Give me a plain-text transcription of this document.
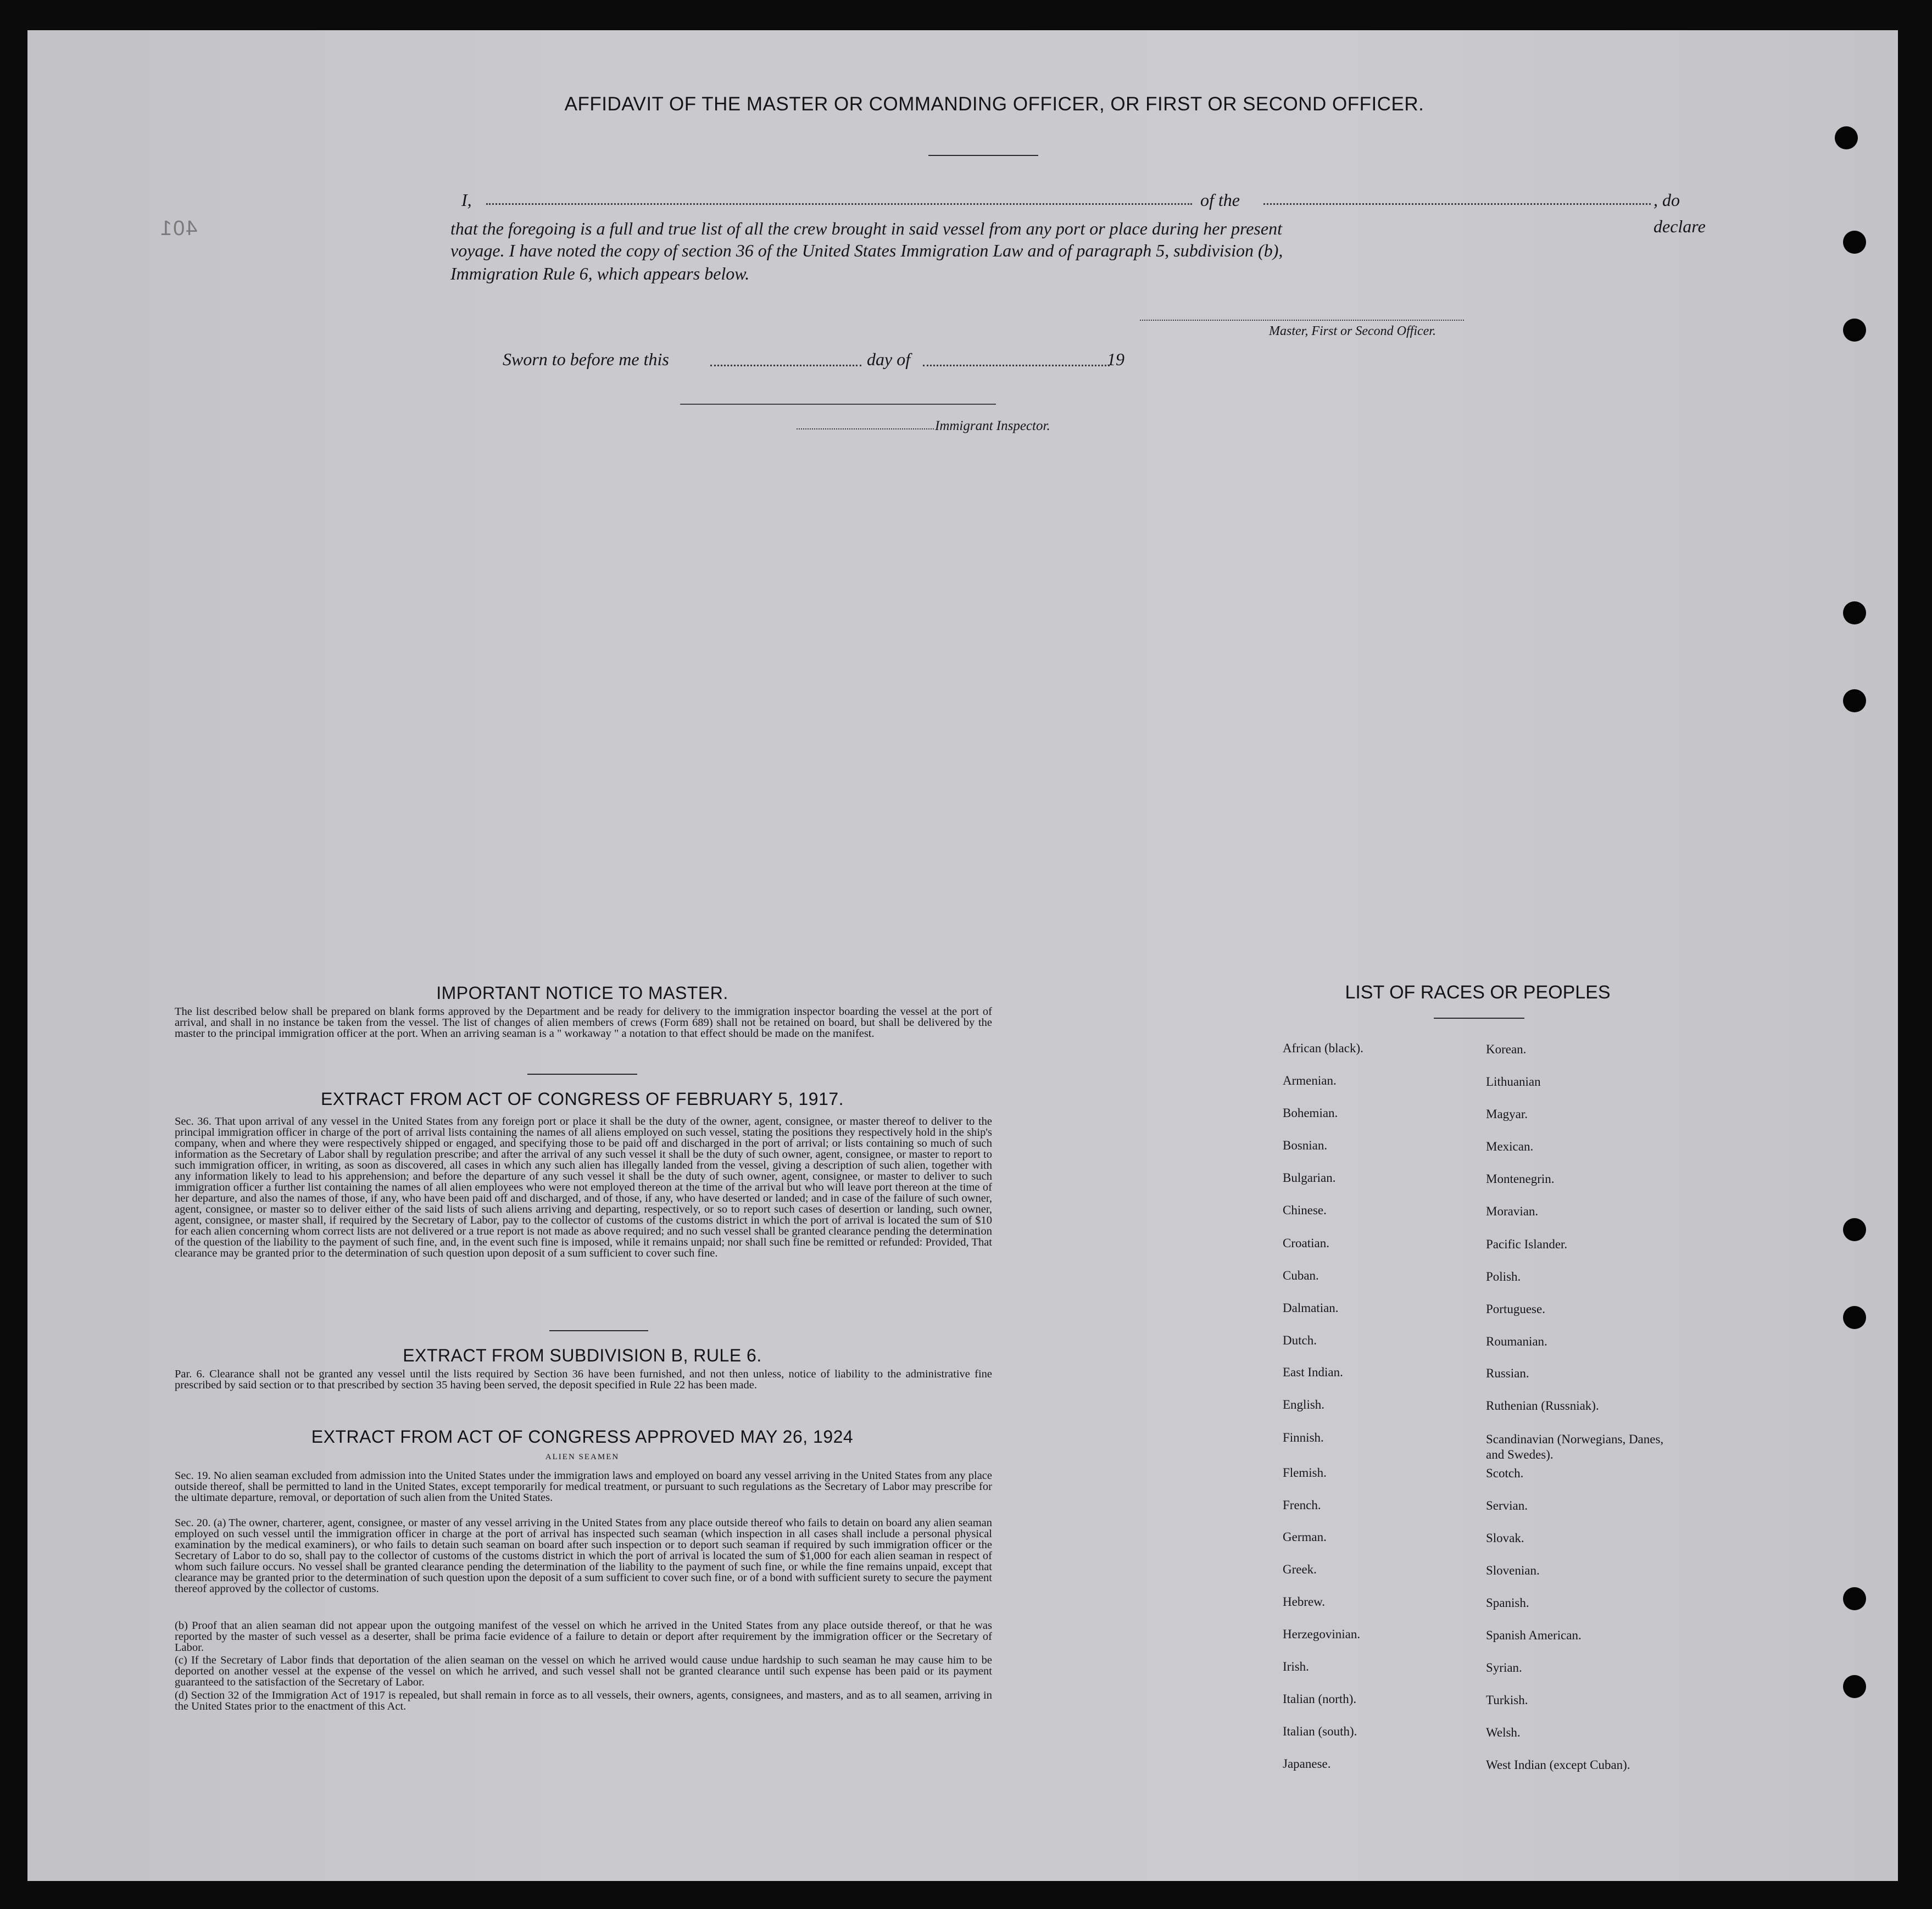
401
AFFIDAVIT OF THE MASTER OR COMMANDING OFFICER, OR FIRST OR SECOND OFFICER.
I,	of the	, do declare
that the foregoing is a full and true list of all the crew brought in said vessel from any port or place during her present
voyage. I have noted the copy of section 36 of the United States Immigration Law and of paragraph 5, subdivision (b),
Immigration Rule 6, which appears below.
Master, First or Second Officer.
Sworn to before me this	day of	19
Immigrant Inspector.
IMPORTANT NOTICE TO MASTER.
The list described below shall be prepared on blank forms approved by the Department and be ready for delivery to the immigration inspector boarding the vessel at the port of arrival, and shall in no instance be taken from the vessel. The list of changes of alien members of crews (Form 689) shall not be retained on board, but shall be delivered by the master to the principal immigration officer at the port. When an arriving seaman is a " workaway " a notation to that effect should be made on the manifest.
EXTRACT FROM ACT OF CONGRESS OF FEBRUARY 5, 1917.
Sec. 36. That upon arrival of any vessel in the United States from any foreign port or place it shall be the duty of the owner, agent, consignee, or master thereof to deliver to the principal immigration officer in charge of the port of arrival lists containing the names of all aliens employed on such vessel, stating the positions they respectively hold in the ship's company, when and where they were respectively shipped or engaged, and specifying those to be paid off and discharged in the port of arrival; or lists containing so much of such information as the Secretary of Labor shall by regulation prescribe; and after the arrival of any such vessel it shall be the duty of such owner, agent, consignee, or master to report to such immigration officer, in writing, as soon as discovered, all cases in which any such alien has illegally landed from the vessel, giving a description of such alien, together with any information likely to lead to his apprehension; and before the departure of any such vessel it shall be the duty of such owner, agent, consignee, or master to deliver to such immigration officer a further list containing the names of all alien employees who were not employed thereon at the time of the arrival but who will leave port thereon at the time of her departure, and also the names of those, if any, who have been paid off and discharged, and of those, if any, who have deserted or landed; and in case of the failure of such owner, agent, consignee, or master so to deliver either of the said lists of such aliens arriving and departing, respectively, or so to report such cases of desertion or landing, such owner, agent, consignee, or master shall, if required by the Secretary of Labor, pay to the collector of customs of the customs district in which the port of arrival is located the sum of $10 for each alien concerning whom correct lists are not delivered or a true report is not made as above required; and no such vessel shall be granted clearance pending the determination of the question of the liability to the payment of such fine, and, in the event such fine is imposed, while it remains unpaid; nor shall such fine be remitted or refunded: Provided, That clearance may be granted prior to the determination of such question upon deposit of a sum sufficient to cover such fine.
EXTRACT FROM SUBDIVISION B, RULE 6.
Par. 6. Clearance shall not be granted any vessel until the lists required by Section 36 have been furnished, and not then unless, notice of liability to the administrative fine prescribed by said section or to that prescribed by section 35 having been served, the deposit specified in Rule 22 has been made.
EXTRACT FROM ACT OF CONGRESS APPROVED MAY 26, 1924
ALIEN SEAMEN
Sec. 19. No alien seaman excluded from admission into the United States under the immigration laws and employed on board any vessel arriving in the United States from any place outside thereof, shall be permitted to land in the United States, except temporarily for medical treatment, or pursuant to such regulations as the Secretary of Labor may prescribe for the ultimate departure, removal, or deportation of such alien from the United States.
Sec. 20. (a) The owner, charterer, agent, consignee, or master of any vessel arriving in the United States from any place outside thereof who fails to detain on board any alien seaman employed on such vessel until the immigration officer in charge at the port of arrival has inspected such seaman (which inspection in all cases shall include a personal physical examination by the medical examiners), or who fails to detain such seaman on board after such inspection or to deport such seaman if required by such immigration officer or the Secretary of Labor to do so, shall pay to the collector of customs of the customs district in which the port of arrival is located the sum of $1,000 for each alien seaman in respect of whom such failure occurs. No vessel shall be granted clearance pending the determination of the liability to the payment of such fine, or while the fine remains unpaid, except that clearance may be granted prior to the determination of such question upon the deposit of a sum sufficient to cover such fine, or of a bond with sufficient surety to secure the payment thereof approved by the collector of customs.
(b) Proof that an alien seaman did not appear upon the outgoing manifest of the vessel on which he arrived in the United States from any place outside thereof, or that he was reported by the master of such vessel as a deserter, shall be prima facie evidence of a failure to detain or deport after requirement by the immigration officer or the Secretary of Labor.
(c) If the Secretary of Labor finds that deportation of the alien seaman on the vessel on which he arrived would cause undue hardship to such seaman he may cause him to be deported on another vessel at the expense of the vessel on which he arrived, and such vessel shall not be granted clearance until such expense has been paid or its payment guaranteed to the satisfaction of the Secretary of Labor.
(d) Section 32 of the Immigration Act of 1917 is repealed, but shall remain in force as to all vessels, their owners, agents, consignees, and masters, and as to all seamen, arriving in the United States prior to the enactment of this Act.
LIST OF RACES OR PEOPLES
African (black).
Armenian.
Bohemian.
Bosnian.
Bulgarian.
Chinese.
Croatian.
Cuban.
Dalmatian.
Dutch.
East Indian.
English.
Finnish.
Flemish.
French.
German.
Greek.
Hebrew.
Herzegovinian.
Irish.
Italian (north).
Italian (south).
Japanese.
Korean.
Lithuanian
Magyar.
Mexican.
Montenegrin.
Moravian.
Pacific Islander.
Polish.
Portuguese.
Roumanian.
Russian.
Ruthenian (Russniak).
Scandinavian (Norwegians, Danes, and Swedes).
Scotch.
Servian.
Slovak.
Slovenian.
Spanish.
Spanish American.
Syrian.
Turkish.
Welsh.
West Indian (except Cuban).
